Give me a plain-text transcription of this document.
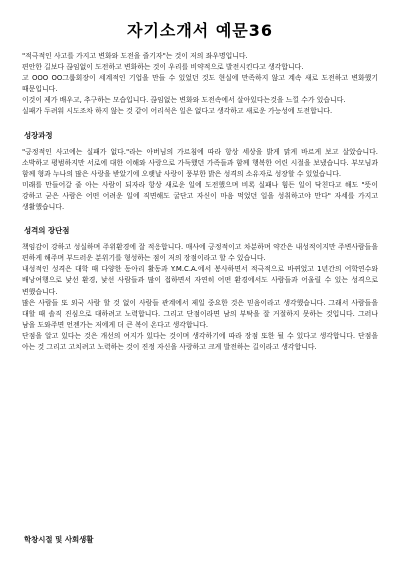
자기소개서 예문36

"적극적인 사고를 가지고 변화와 도전을 즐기자"는 것이 저의 좌우명입니다.

편안한 길보다 끊임없이 도전하고 변화하는 것이 우리를 비약적으로 발전시킨다고 생각합니다.

고 OOO OO그룹회장이 세계적인 기업을 만들 수 있었던 것도 현실에 만족하지 않고 계속 새로 도전하고 변화했기 때문입니다.

이것이 제가 배우고, 추구하는 모습입니다. 끊임없는 변화와 도전속에서 살아있다는것을 느낄 수가 있습니다.

실패가 두려워 시도조차 하지 않는 것 같이 어리석은 일은 없다고 생각하고 새로운 가능성에 도전합니다.

성장과정

"긍정적인 사고에는 실패가 없다."라는 아버님의 가르침에 따라 항상 세상을 밝게 맑게 바르게 보고 살았습니다. 소박하고 평범하지만 서로에 대한 이해와 사랑으로 가득했던 가족들과 함께 행복한 어린 시절을 보냈습니다. 부모님과 함께 형과 누나의 많은 사랑을 받았기에 오랫날 사랑이 풍부한 밝은 성격의 소유자로 성장할 수 있었습니다.

미래를 만들어갈 줄 아는 사람이 되자라 항상 새로운 일에 도전했으며 비록 실패나 힘든 일이 닥친다고 해도 "뜻이 강하고 굳은 사람은 어떤 어려운 일에 직면해도 굴단고 자신이 마음 먹었던 일을 성취하고야 만다" 자세를 가지고 생활했습니다.

성격의 장단점

책임감이 강하고 성실하며 주위환경에 잘 적응합니다. 매사에 긍정적이고 차분하며 약간은 내성적이지만 주변사람들을 편하게 해주며 부드러운 분위기를 형성하는 점이 저의 장점이라고 할 수 있습니다.

내성적인 성격은 대학 때 다양한 동아리 활동과 Y.M.C.A.에서 봉사하면서 적극적으로 바뀌었고 1년간의 어학연수와 배낭여행으로 낯선 환경, 낯선 사람들과 많이 접하면서 자연히 어떤 환경에서도 사람들과 어울릴 수 있는 성격으로 변했습니다.

많은 사람들 또 외국 사람 할 것 없이 사람들 관계에서 제일 중요한 것은 믿음이라고 생각했습니다. 그래서 사람들을 대할 때 솔직 진심으로 대하려고 노력합니다. 그리고 단점이라면 남의 부탁을 잘 거절하지 못하는 것입니다. 그러나 남을 도와주면 언젠가는 저에게 더 큰 복이 온다고 생각합니다.

단점을 알고 있다는 것은 개선의 여지가 있다는 것이며 생각하기에 따라 장점 또한 될 수 있다고 생각합니다. 단점을 아는 것 그리고 고치려고 노력하는 것이 진정 자신을 사랑하고 크게 발전하는 길이라고 생각합니다.

학창시절 및 사회생활
